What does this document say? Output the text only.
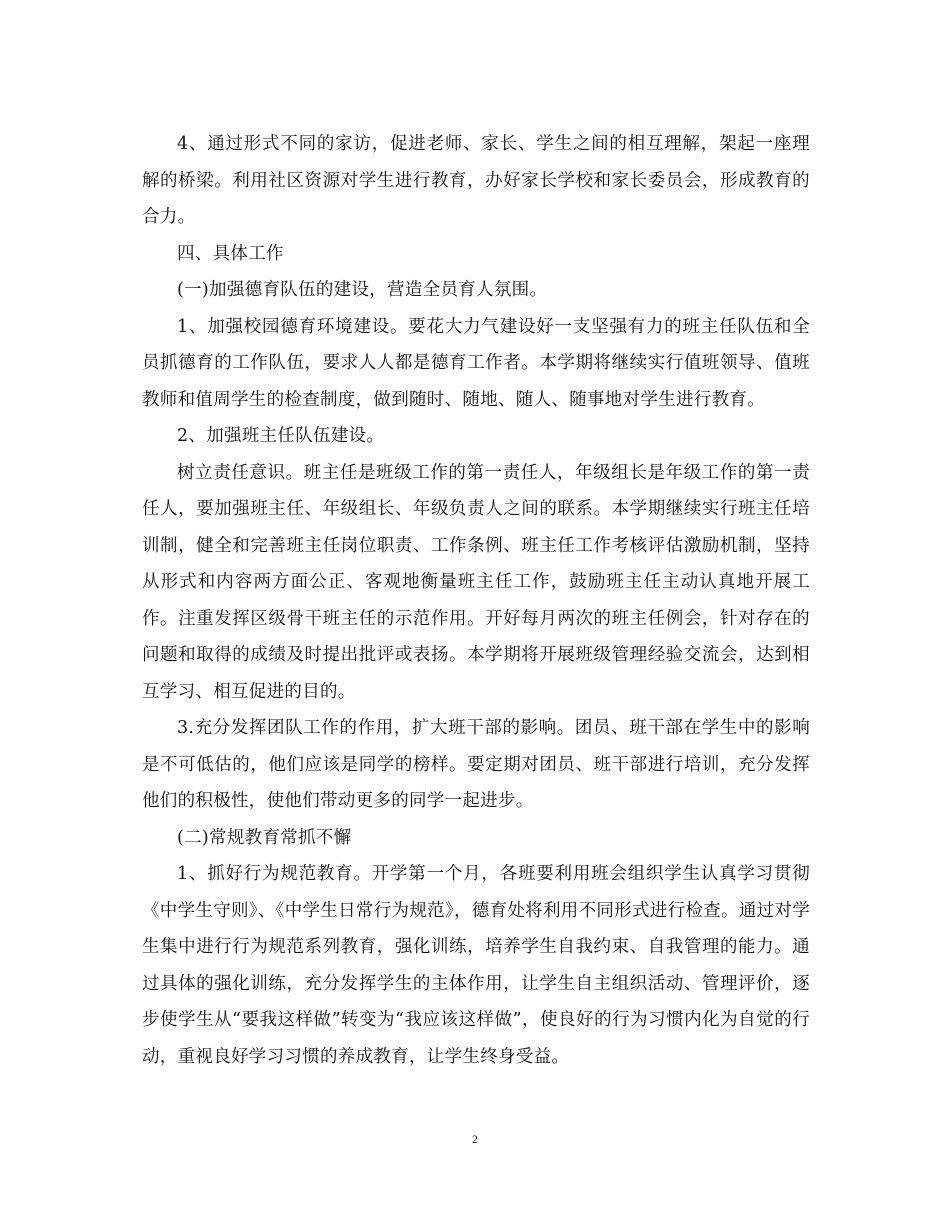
4、通过形式不同的家访，促进老师、家长、学生之间的相互理解，架起一座理解的桥梁。利用社区资源对学生进行教育，办好家长学校和家长委员会，形成教育的合力。

四、具体工作

(一)加强德育队伍的建设，营造全员育人氛围。

1、加强校园德育环境建设。要花大力气建设好一支坚强有力的班主任队伍和全员抓德育的工作队伍，要求人人都是德育工作者。本学期将继续实行值班领导、值班教师和值周学生的检查制度，做到随时、随地、随人、随事地对学生进行教育。

2、加强班主任队伍建设。

树立责任意识。班主任是班级工作的第一责任人，年级组长是年级工作的第一责任人，要加强班主任、年级组长、年级负责人之间的联系。本学期继续实行班主任培训制，健全和完善班主任岗位职责、工作条例、班主任工作考核评估激励机制，坚持从形式和内容两方面公正、客观地衡量班主任工作，鼓励班主任主动认真地开展工作。注重发挥区级骨干班主任的示范作用。开好每月两次的班主任例会，针对存在的问题和取得的成绩及时提出批评或表扬。本学期将开展班级管理经验交流会，达到相互学习、相互促进的目的。

3.充分发挥团队工作的作用，扩大班干部的影响。团员、班干部在学生中的影响是不可低估的，他们应该是同学的榜样。要定期对团员、班干部进行培训，充分发挥他们的积极性，使他们带动更多的同学一起进步。

(二)常规教育常抓不懈

1、抓好行为规范教育。开学第一个月，各班要利用班会组织学生认真学习贯彻《中学生守则》、《中学生日常行为规范》，德育处将利用不同形式进行检查。通过对学生集中进行行为规范系列教育，强化训练，培养学生自我约束、自我管理的能力。通过具体的强化训练，充分发挥学生的主体作用，让学生自主组织活动、管理评价，逐步使学生从“要我这样做”转变为“我应该这样做”，使良好的行为习惯内化为自觉的行动，重视良好学习习惯的养成教育，让学生终身受益。

2
